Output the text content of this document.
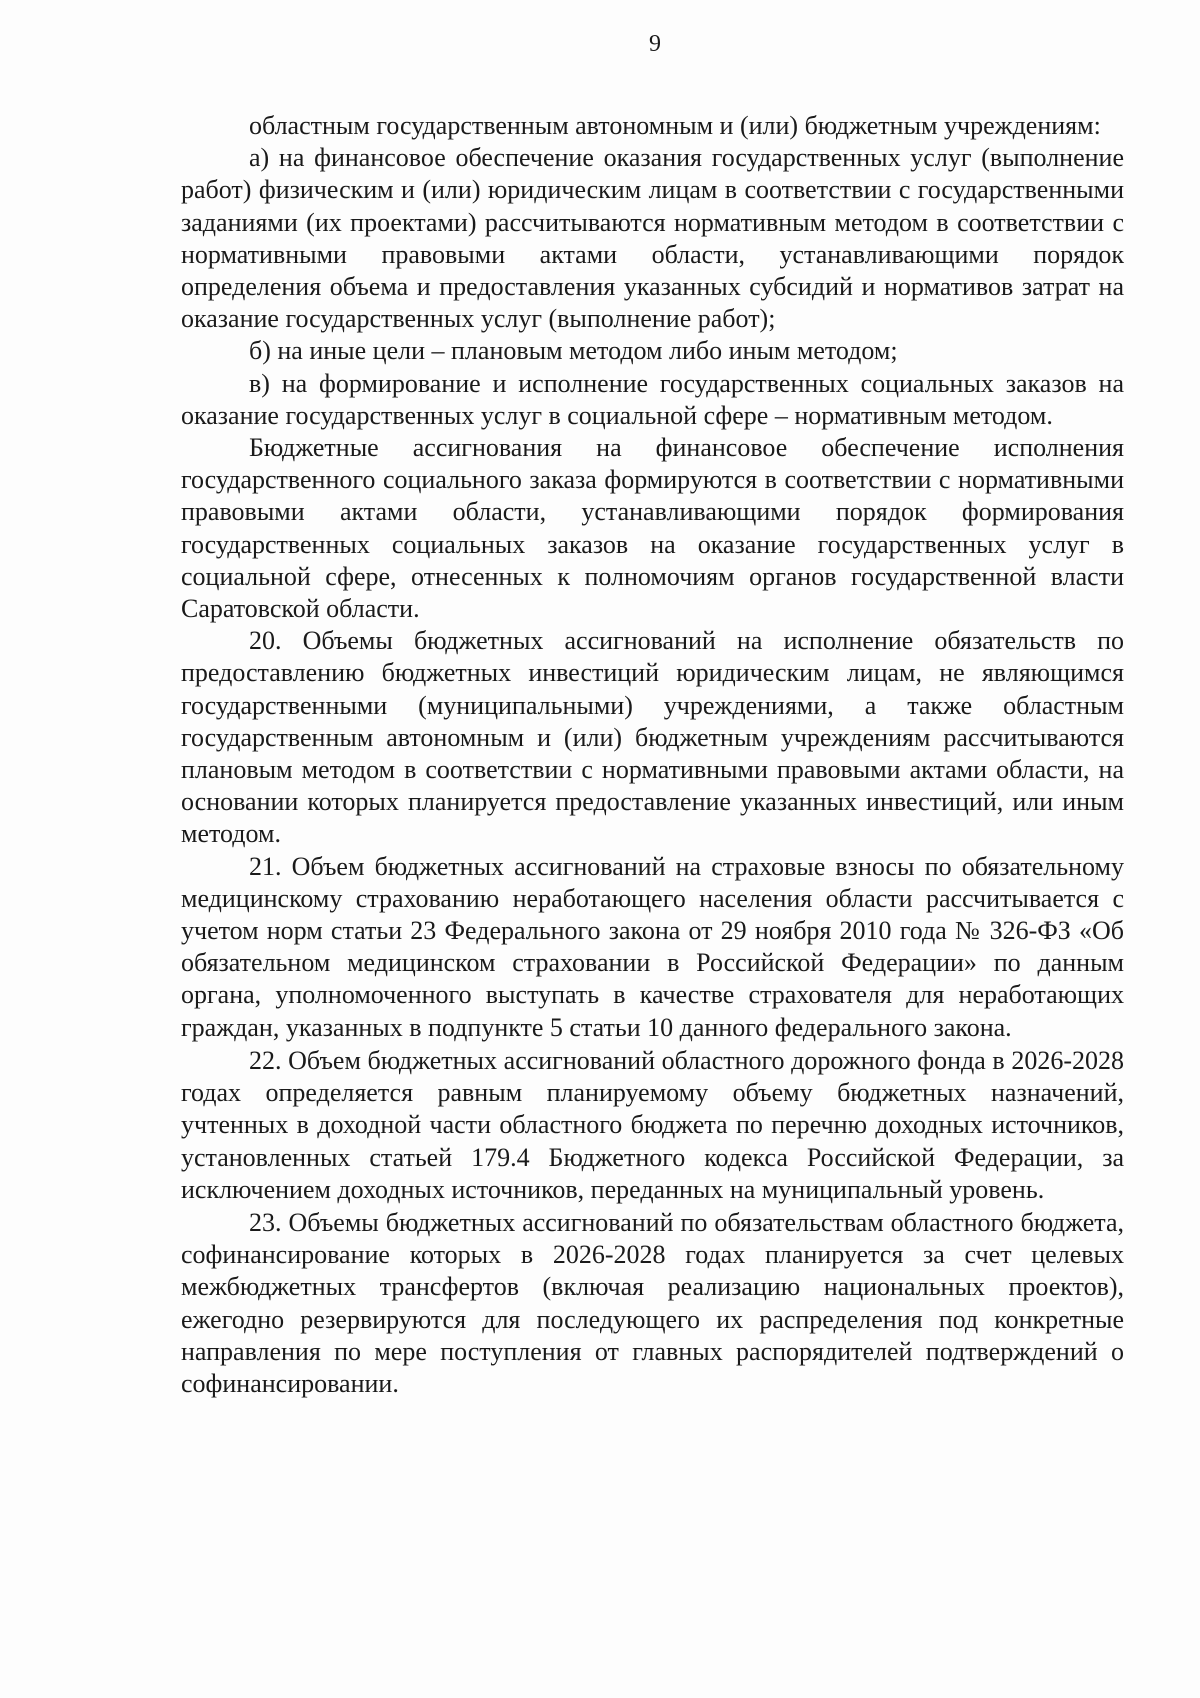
9

областным государственным автономным и (или) бюджетным учреждениям:

а) на финансовое обеспечение оказания государственных услуг (выполнение работ) физическим и (или) юридическим лицам в соответствии с государственными заданиями (их проектами) рассчитываются нормативным методом в соответствии с нормативными правовыми актами области, устанавливающими порядок определения объема и предоставления указанных субсидий и нормативов затрат на оказание государственных услуг (выполнение работ);

б) на иные цели – плановым методом либо иным методом;

в) на формирование и исполнение государственных социальных заказов на оказание государственных услуг в социальной сфере – нормативным методом.

Бюджетные ассигнования на финансовое обеспечение исполнения государственного социального заказа формируются в соответствии с нормативными правовыми актами области, устанавливающими порядок формирования государственных социальных заказов на оказание государственных услуг в социальной сфере, отнесенных к полномочиям органов государственной власти Саратовской области.

20. Объемы бюджетных ассигнований на исполнение обязательств по предоставлению бюджетных инвестиций юридическим лицам, не являющимся государственными (муниципальными) учреждениями, а также областным государственным автономным и (или) бюджетным учреждениям рассчитываются плановым методом в соответствии с нормативными правовыми актами области, на основании которых планируется предоставление указанных инвестиций, или иным методом.

21. Объем бюджетных ассигнований на страховые взносы по обязательному медицинскому страхованию неработающего населения области рассчитывается с учетом норм статьи 23 Федерального закона от 29 ноября 2010 года № 326-ФЗ «Об обязательном медицинском страховании в Российской Федерации» по данным органа, уполномоченного выступать в качестве страхователя для неработающих граждан, указанных в подпункте 5 статьи 10 данного федерального закона.

22. Объем бюджетных ассигнований областного дорожного фонда в 2026-2028 годах определяется равным планируемому объему бюджетных назначений, учтенных в доходной части областного бюджета по перечню доходных источников, установленных статьей 179.4 Бюджетного кодекса Российской Федерации, за исключением доходных источников, переданных на муниципальный уровень.

23. Объемы бюджетных ассигнований по обязательствам областного бюджета, софинансирование которых в 2026-2028 годах планируется за счет целевых межбюджетных трансфертов (включая реализацию национальных проектов), ежегодно резервируются для последующего их распределения под конкретные направления по мере поступления от главных распорядителей подтверждений о софинансировании.
